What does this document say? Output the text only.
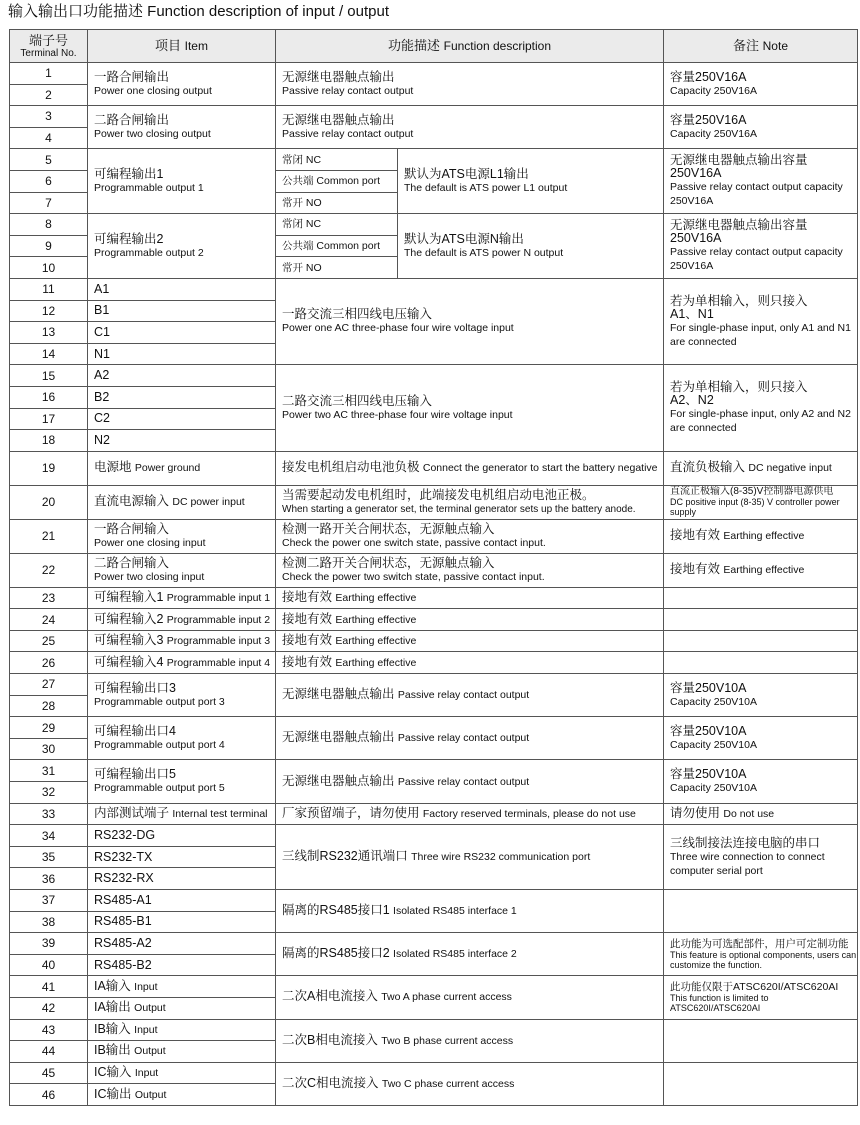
输入输出口功能描述 Function description of input / output
端子号
Terminal No.	项目 Item	功能描述 Function description		备注 Note
1	一路合闸输出
Power one closing output	无源继电器触点输出
Passive relay contact output		容量250V16A
Capacity 250V16A
2				
3	二路合闸输出
Power two closing output	无源继电器触点输出
Passive relay contact output		容量250V16A
Capacity 250V16A
4				
5	可编程输出1
Programmable output 1	常闭 NC	默认为ATS电源L1输出
The default is ATS power L1 output	无源继电器触点输出容量
250V16A
Passive relay contact output capacity 250V16A
6		公共端 Common port		
7		常开 NO		
8	可编程输出2
Programmable output 2	常闭 NC	默认为ATS电源N输出
The default is ATS power N output	无源继电器触点输出容量
250V16A
Passive relay contact output capacity 250V16A
9		公共端 Common port		
10		常开 NO		
11	A1	一路交流三相四线电压输入
Power one AC three-phase four wire voltage input		若为单相输入，则只接入
A1、N1
For single-phase input, only A1 and N1 are connected
12	B1			
13	C1			
14	N1			
15	A2	二路交流三相四线电压输入
Power two AC three-phase four wire voltage input		若为单相输入，则只接入
A2、N2
For single-phase input, only A2 and N2 are connected
16	B2			
17	C2			
18	N2			
19	电源地 Power ground	接发电机组启动电池负极 Connect the generator to start the battery negative		直流负极输入 DC negative input
20	直流电源输入 DC power input	当需要起动发电机组时，此端接发电机组启动电池正极。
When starting a generator set, the terminal generator sets up the battery anode.		直流正极输入(8-35)V控制器电源供电
DC positive input (8-35) V controller power supply

21	一路合闸输入
Power one closing input	检测一路开关合闸状态，无源触点输入
Check the power one switch state, passive contact input.		接地有效 Earthing effective
22	二路合闸输入
Power two closing input	检测二路开关合闸状态，无源触点输入
Check the power two switch state, passive contact input.		接地有效 Earthing effective
23	可编程输入1 Programmable input 1	接地有效 Earthing effective		
24	可编程输入2 Programmable input 2	接地有效 Earthing effective		
25	可编程输入3 Programmable input 3	接地有效 Earthing effective		
26	可编程输入4 Programmable input 4	接地有效 Earthing effective		
27	可编程输出口3
Programmable output port 3	无源继电器触点输出 Passive relay contact output		容量250V10A
Capacity 250V10A
28				
29	可编程输出口4
Programmable output port 4	无源继电器触点输出 Passive relay contact output		容量250V10A
Capacity 250V10A
30				
31	可编程输出口5
Programmable output port 5	无源继电器触点输出 Passive relay contact output		容量250V10A
Capacity 250V10A
32				
33	内部测试端子 Internal test terminal	厂家预留端子，请勿使用 Factory reserved terminals, please do not use		请勿使用 Do not use
34	RS232-DG	三线制RS232通讯端口 Three wire RS232 communication port		三线制接法连接电脑的串口
Three wire connection to connect computer serial port
35	RS232-TX			
36	RS232-RX			
37	RS485-A1	隔离的RS485接口1 Isolated RS485 interface 1		
38	RS485-B1			
39	RS485-A2	隔离的RS485接口2 Isolated RS485 interface 2		此功能为可选配部件，用户可定制功能
This feature is optional components, users can customize the function.

40	RS485-B2			
41	IA输入 Input	二次A相电流接入 Two A phase current access		此功能仅限于ATSC620I/ATSC620AI
This function is limited to ATSC620I/ATSC620AI

42	IA输出 Output			
43	IB输入 Input	二次B相电流接入 Two B phase current access		
44	IB输出 Output			
45	IC输入 Input	二次C相电流接入 Two C phase current access		
46	IC输出 Output			
